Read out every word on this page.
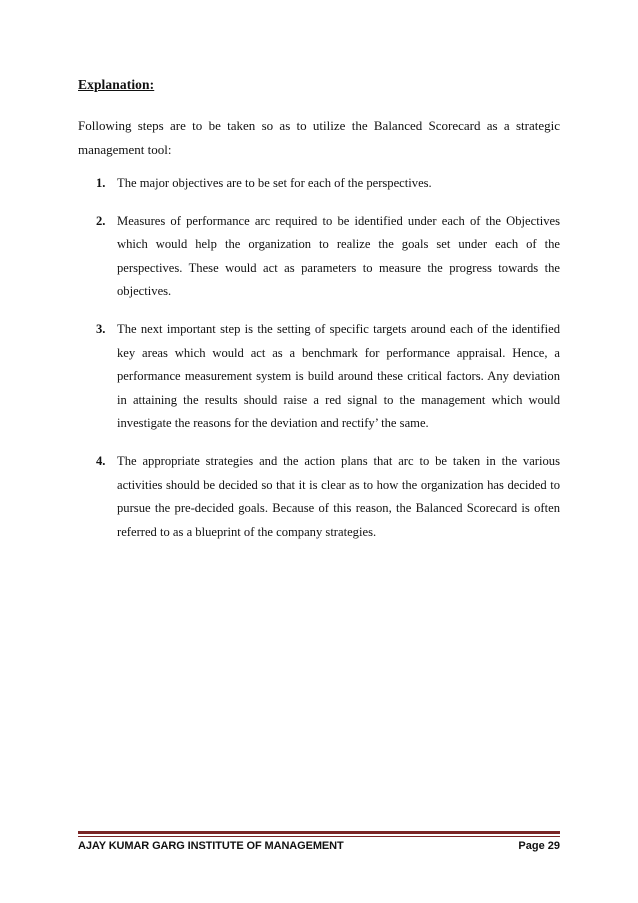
Explanation:
Following steps are to be taken so as to utilize the Balanced Scorecard as a strategic management tool:
1. The major objectives are to be set for each of the perspectives.
2. Measures of performance arc required to be identified under each of the Objectives which would help the organization to realize the goals set under each of the perspectives. These would act as parameters to measure the progress towards the objectives.
3. The next important step is the setting of specific targets around each of the identified key areas which would act as a benchmark for performance appraisal. Hence, a performance measurement system is build around these critical factors. Any deviation in attaining the results should raise a red signal to the management which would investigate the reasons for the deviation and rectify’ the same.
4. The appropriate strategies and the action plans that arc to be taken in the various activities should be decided so that it is clear as to how the organization has decided to pursue the pre-decided goals. Because of this reason, the Balanced Scorecard is often referred to as a blueprint of the company strategies.
AJAY KUMAR GARG INSTITUTE OF MANAGEMENT	Page 29
